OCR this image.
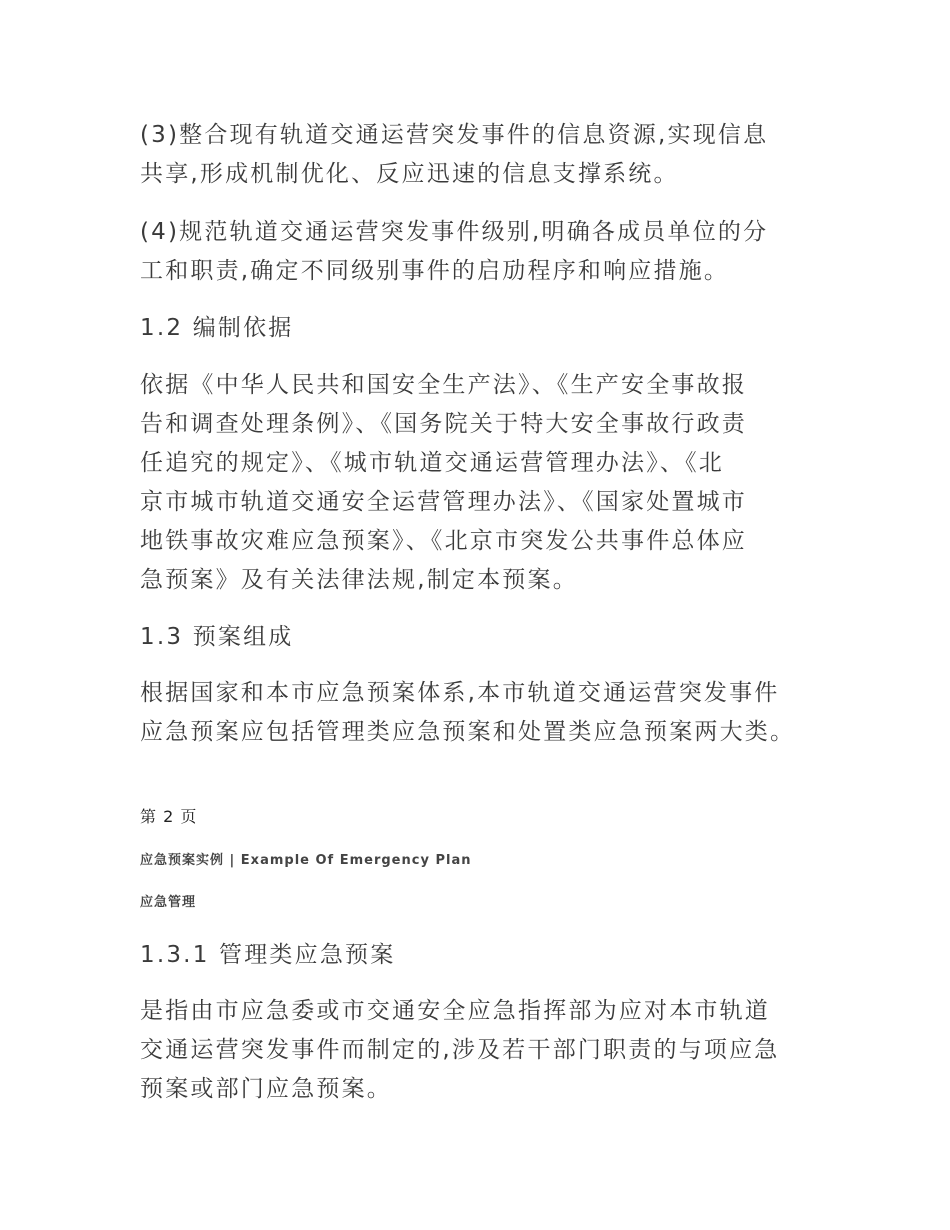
(3)整合现有轨道交通运营突发事件的信息资源,实现信息
共享,形成机制优化、反应迅速的信息支撑系统。
(4)规范轨道交通运营突发事件级别,明确各成员单位的分
工和职责,确定不同级别事件的启劢程序和响应措施。
1.2 编制依据
依据《中华人民共和国安全生产法》、《生产安全事故报
告和调查处理条例》、《国务院关于特大安全事故行政责
任追究的规定》、《城市轨道交通运营管理办法》、《北
京市城市轨道交通安全运营管理办法》、《国家处置城市
地铁事故灾难应急预案》、《北京市突发公共事件总体应
急预案》及有关法律法规,制定本预案。
1.3 预案组成
根据国家和本市应急预案体系,本市轨道交通运营突发事件
应急预案应包括管理类应急预案和处置类应急预案两大类。
第 2 页
应急预案实例 | Example Of Emergency Plan
应急管理
1.3.1 管理类应急预案
是指由市应急委或市交通安全应急指挥部为应对本市轨道
交通运营突发事件而制定的,涉及若干部门职责的与项应急
预案或部门应急预案。
